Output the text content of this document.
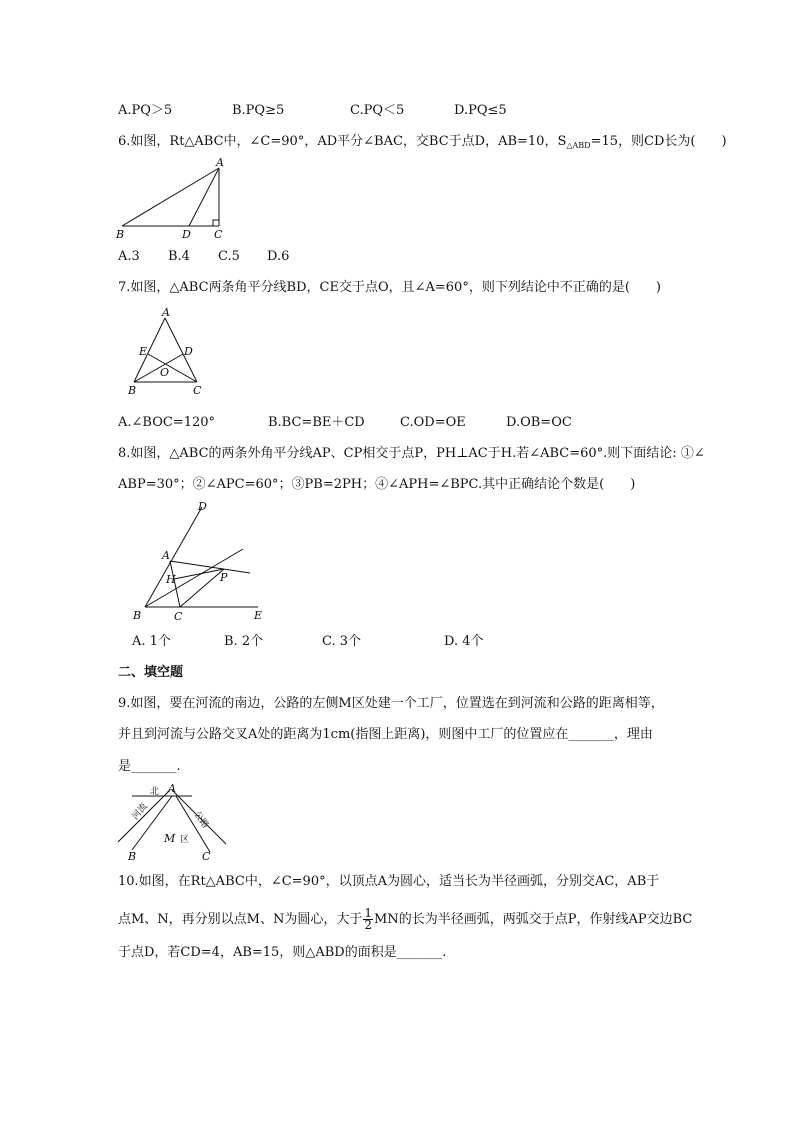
A.PQ＞5	B.PQ≥5	C.PQ＜5	D.PQ≤5
6.如图，Rt△ABC中，∠C=90°，AD平分∠BAC，交BC于点D，AB=10，$S_{\triangle ABD}=15$，则CD长为(　　)
A
B	D C
A.3 B.4 C.5 D.6
7.如图，△ABC两条角平分线BD，CE交于点O，且∠A=60°，则下列结论中不正确的是(　　)
A
E	D
O
B	C
A.∠BOC=120°	B.BC=BE＋CD	C.OD=OE	D.OB=OC
8.如图，△ABC的两条外角平分线AP、CP相交于点P，PH⊥AC于H.若∠ABC=60°.则下面结论: ①∠
ABP=30°；②∠APC=60°；③PB=2PH；④∠APH=∠BPC.其中正确结论个数是(　　)
D
A
H	P
B	C	E
A. 1个	B. 2个	C. 3个	D. 4个
二、填空题
9.如图，要在河流的南边，公路的左侧M区处建一个工厂，位置选在到河流和公路的距离相等，
并且到河流与公路交叉A处的距离为1cm(指图上距离)，则图中工厂的位置应在_______，理由
是_______.
北 A
河流	公路
M 区
B	C
10.如图，在Rt△ABC中，∠C=90°，以顶点A为圆心，适当长为半径画弧，分别交AC，AB于
点M、N，再分别以点M、N为圆心，大于 $\frac{1}{2}$ MN的长为半径画弧，两弧交于点P，作射线AP交边BC
于点D，若CD=4，AB=15，则△ABD的面积是_______.
